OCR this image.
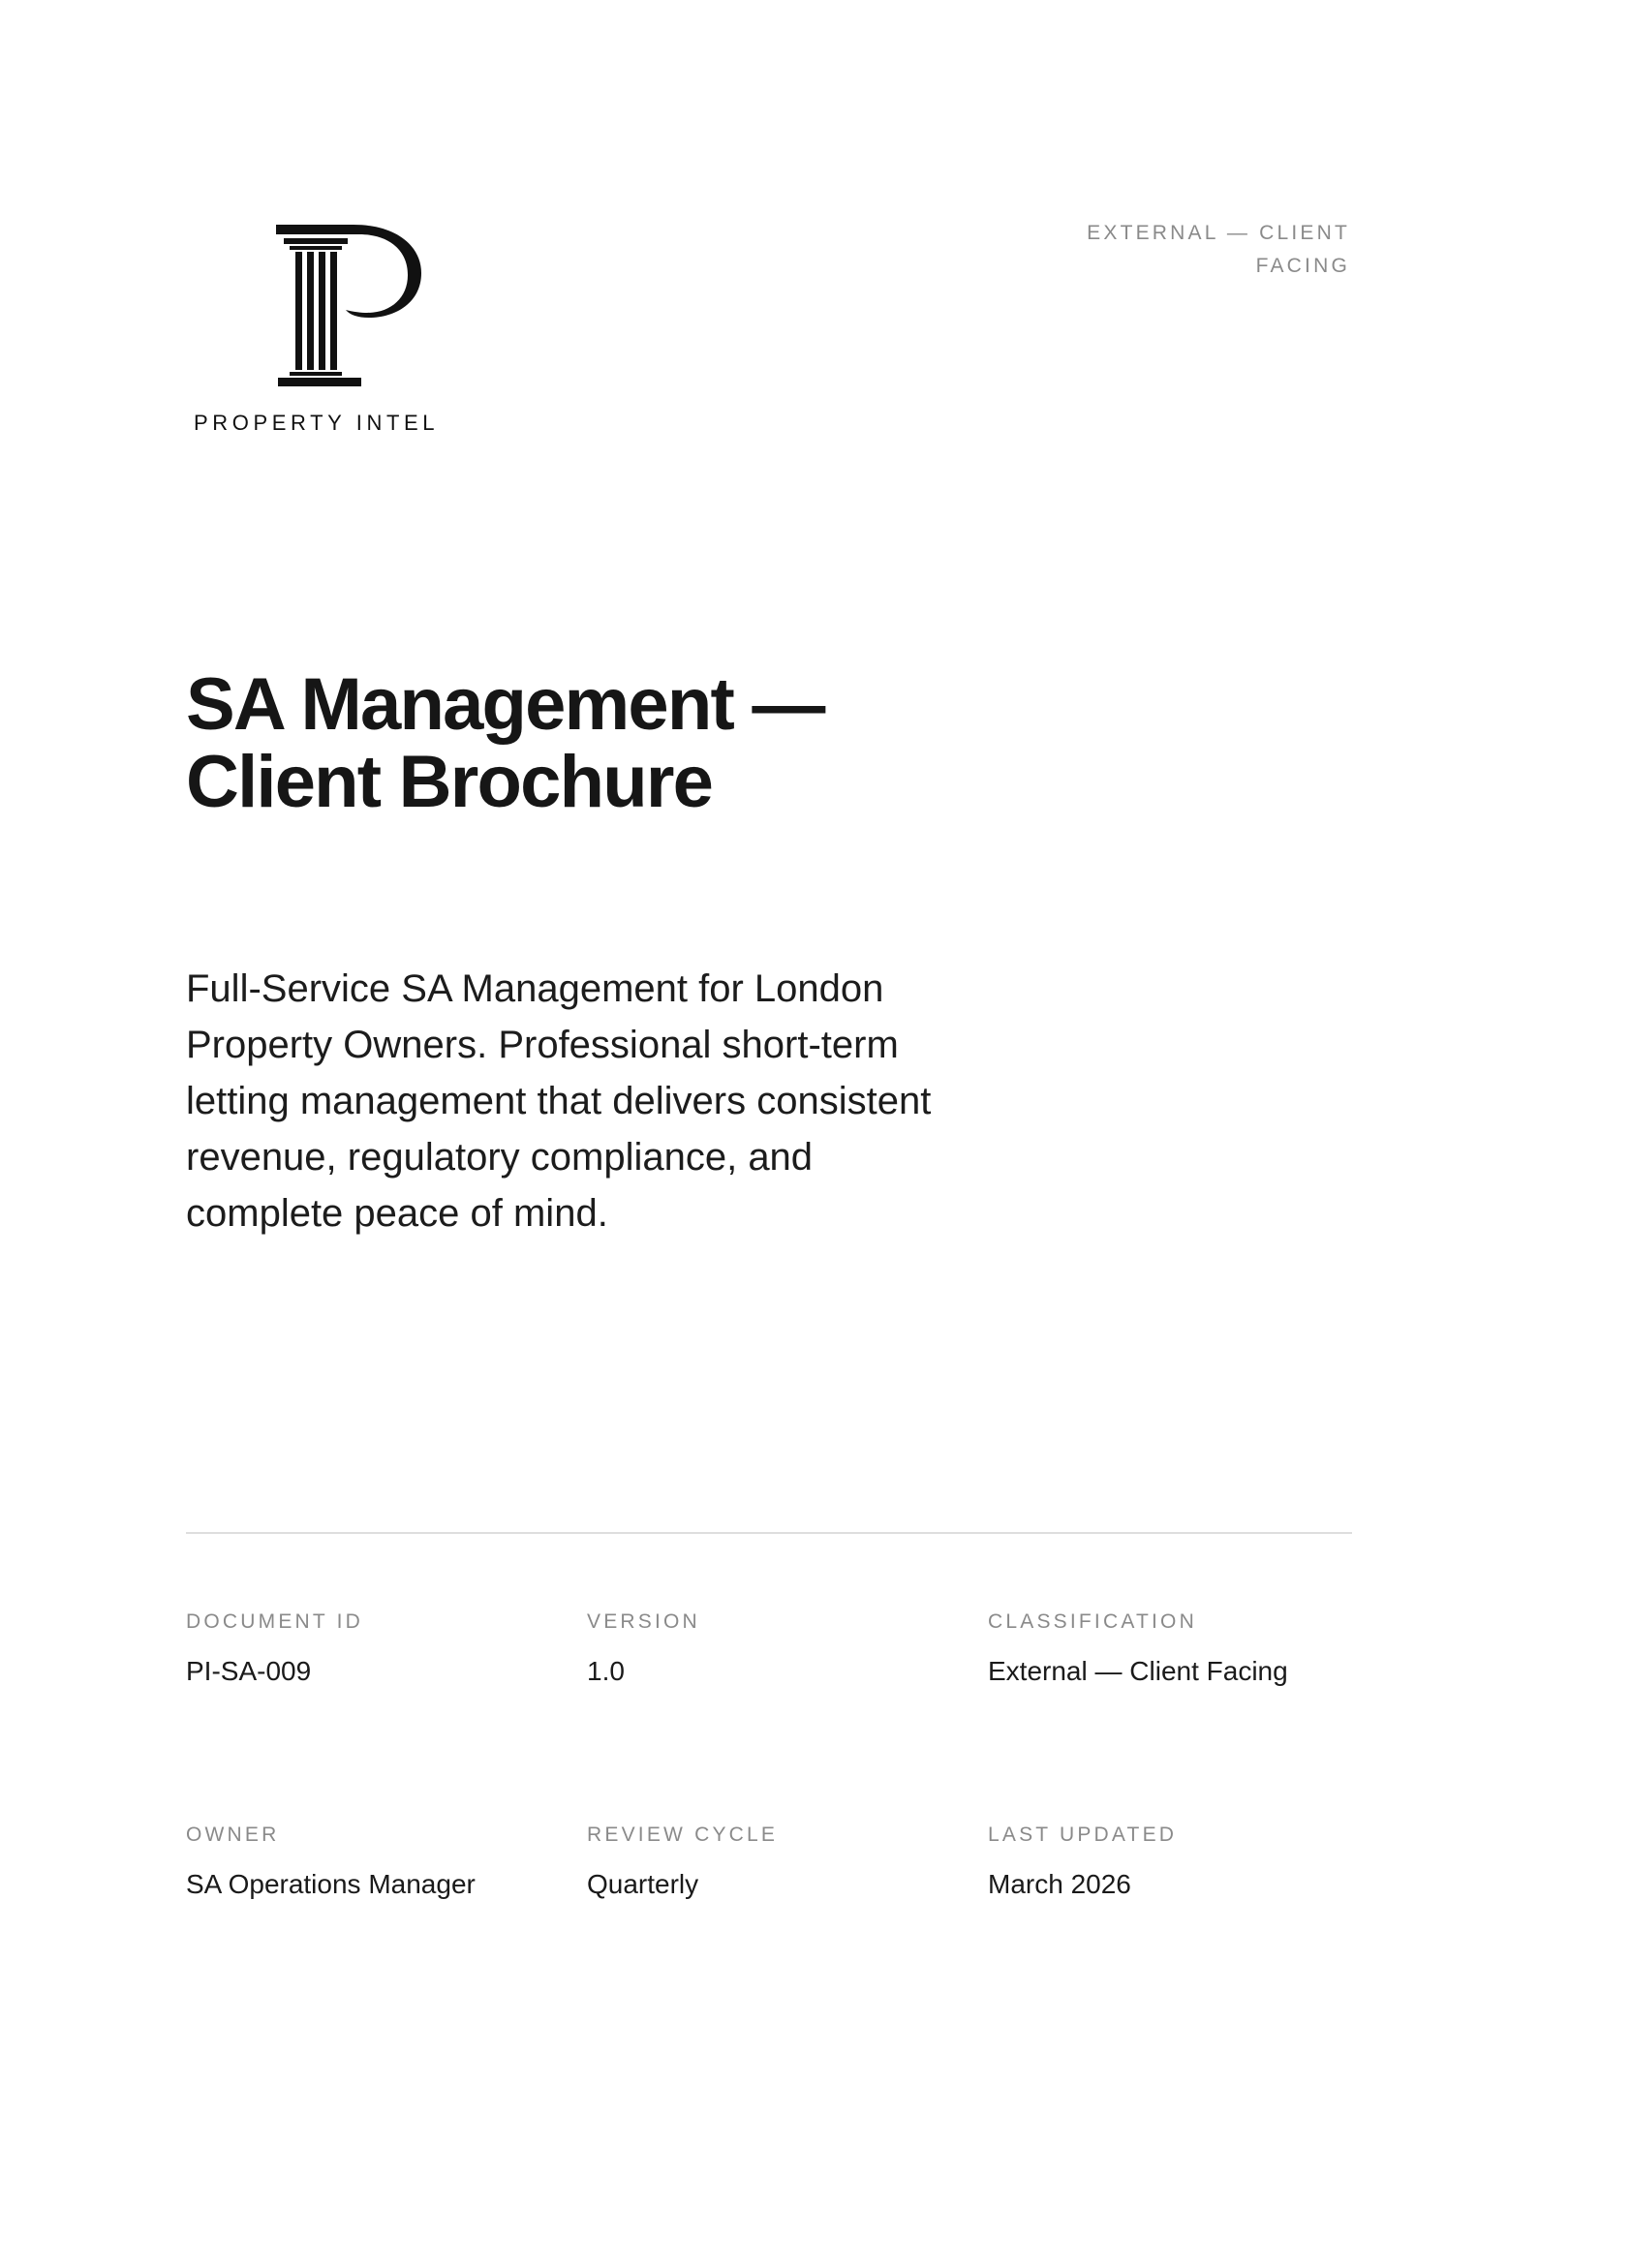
PROPERTY INTEL
EXTERNAL — CLIENT FACING
SA Management — Client Brochure

Full-Service SA Management for London Property Owners. Professional short-term letting management that delivers consistent revenue, regulatory compliance, and complete peace of mind.

DOCUMENT ID
PI-SA-009
VERSION
1.0
CLASSIFICATION
External — Client Facing
OWNER
SA Operations Manager
REVIEW CYCLE
Quarterly
LAST UPDATED
March 2026
